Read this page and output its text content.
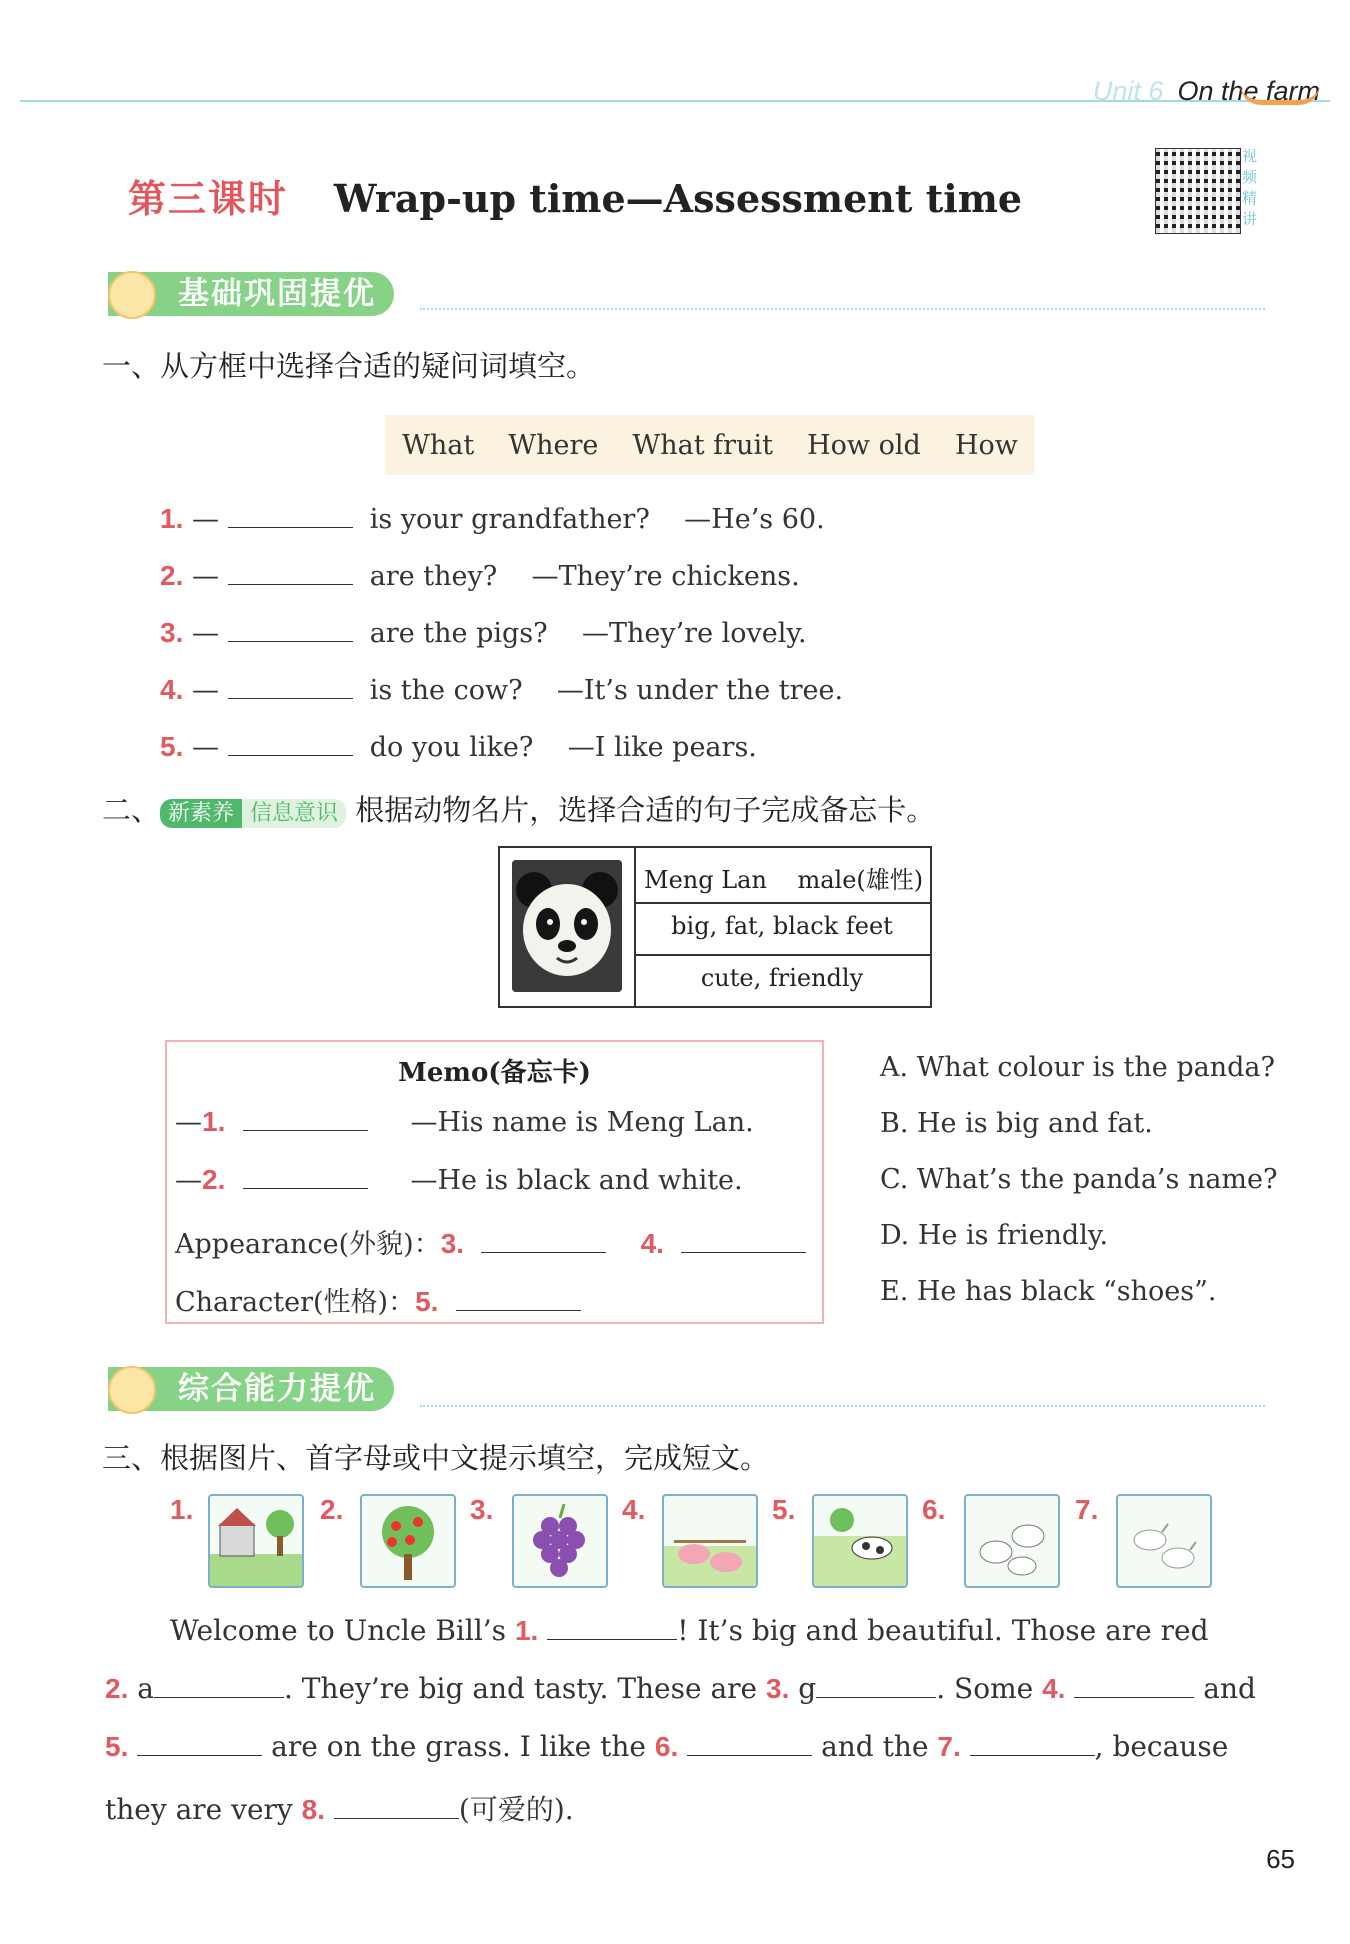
Unit 6 On the farm
第三课时 Wrap-up time—Assessment time
视
频
精
讲
基础巩固提优
一、从方框中选择合适的疑问词填空。
What Where What fruit How old How
1. —	is your grandfather? —He’s 60.
2. —	are they? —They’re chickens.
3. —	are the pigs? —They’re lovely.
4. —	is the cow? —It’s under the tree.
5. —	do you like? —I like pears.
二、 新素养 信息意识 根据动物名片，选择合适的句子完成备忘卡。
Meng Lan male(雄性)
big, fat, black feet
cute, friendly
Memo(备忘卡)
—1.	—His name is Meng Lan.
—2.	—He is black and white.
Appearance(外貌)：3.	4.
Character(性格)：5.
A. What colour is the panda?
B. He is big and fat.
C. What’s the panda’s name?
D. He is friendly.
E. He has black “shoes”.
综合能力提优
三、根据图片、首字母或中文提示填空，完成短文。
1.	2.	3.	4.	5.	6.	7.
Welcome to Uncle Bill’s 1.	! It’s big and beautiful. Those are red
2. a	. They’re big and tasty. These are 3. g	. Some 4.	and
5.	are on the grass. I like the 6.	and the 7.	, because
they are very 8.	(可爱的).
65
